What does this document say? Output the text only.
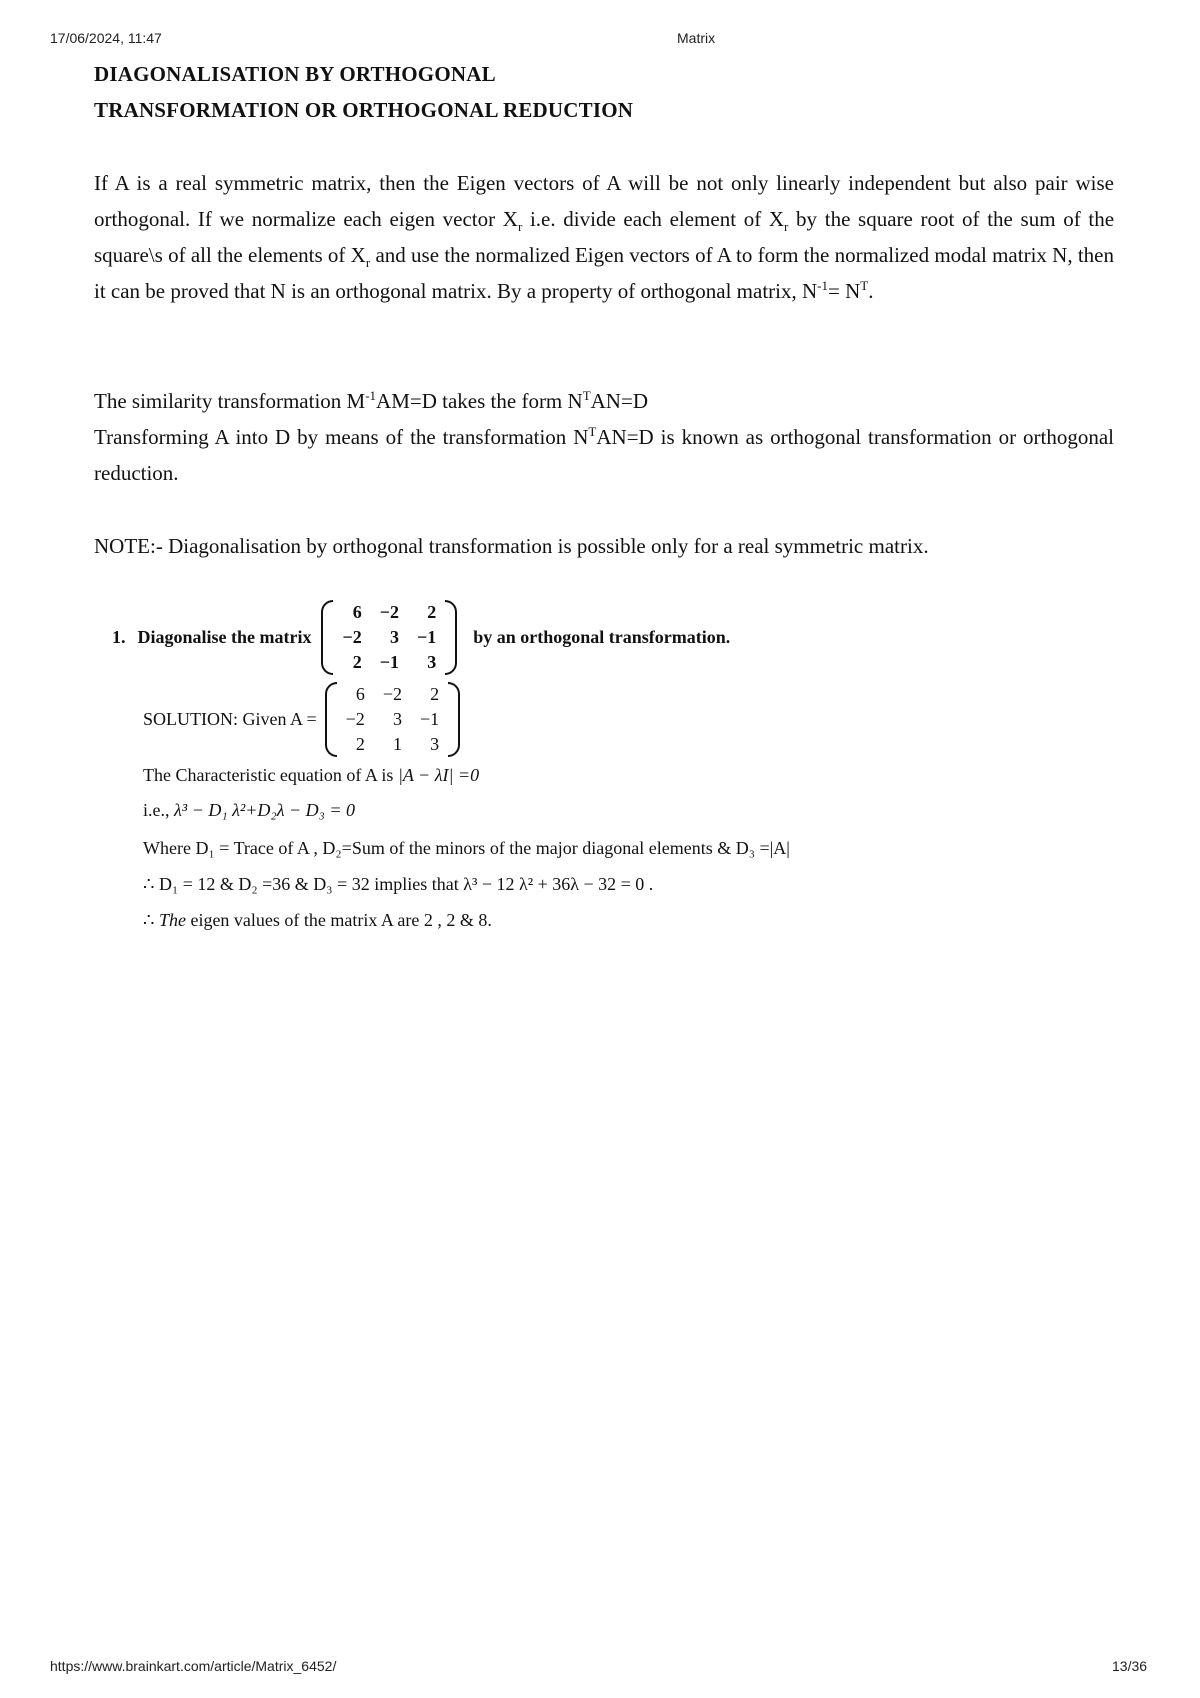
17/06/2024, 11:47	Matrix
DIAGONALISATION BY ORTHOGONAL
TRANSFORMATION OR ORTHOGONAL REDUCTION
If A is a real symmetric matrix, then the Eigen vectors of A will be not only linearly independent but also pair wise orthogonal. If we normalize each eigen vector $X_r$ i.e. divide each element of $X_r$ by the square root of the sum of the square\s of all the elements of $X_r$ and use the normalized Eigen vectors of A to form the normalized modal matrix N, then it can be proved that N is an orthogonal matrix. By a property of orthogonal matrix, $N^{-1}= N^T$.
The similarity transformation $M^{-1}AM=D$ takes the form $N^TAN=D$
Transforming A into D by means of the transformation $N^TAN=D$ is known as orthogonal transformation or orthogonal reduction.
NOTE:- Diagonalisation by orthogonal transformation is possible only for a real symmetric matrix.
1. Diagonalise the matrix
6	−2	2
−2	3	−1
2	−1	3
by an orthogonal transformation.
SOLUTION: Given A =
6	−2	2
−2	3	−1
2	1	3
The Characteristic equation of A is |A − λI| =0
i.e., λ³ − D₁ λ²+D₂λ − D₃ = 0
Where D₁ = Trace of A , D₂=Sum of the minors of the major diagonal elements & D₃ =|A|
∴ D₁ = 12 & D₂ =36 & D₃ = 32 implies that λ³ − 12 λ² + 36λ − 32 = 0 .
∴ The eigen values of the matrix A are 2 , 2 & 8.
https://www.brainkart.com/article/Matrix_6452/	13/36
